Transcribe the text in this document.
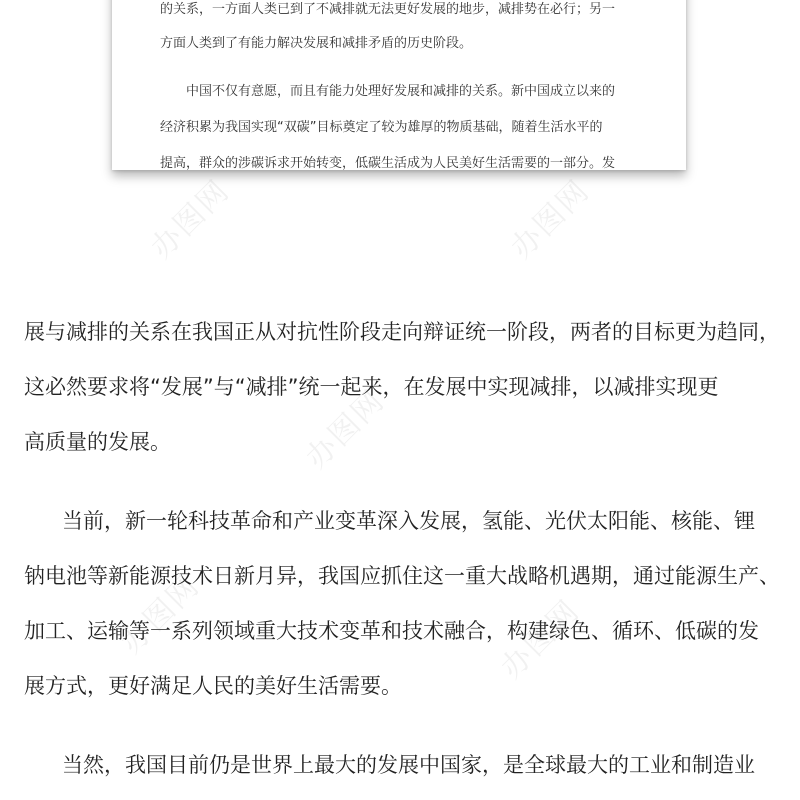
办图网	办图网
办图网
办图网	办图网

的关系，一方面人类已到了不减排就无法更好发展的地步，减排势在必行；另一
方面人类到了有能力解决发展和减排矛盾的历史阶段。

中国不仅有意愿，而且有能力处理好发展和减排的关系。新中国成立以来的
经济积累为我国实现“双碳”目标奠定了较为雄厚的物质基础，随着生活水平的
提高，群众的涉碳诉求开始转变，低碳生活成为人民美好生活需要的一部分。发

展与减排的关系在我国正从对抗性阶段走向辩证统一阶段，两者的目标更为趋同，
这必然要求将“发展”与“减排”统一起来，在发展中实现减排，以减排实现更
高质量的发展。
当前，新一轮科技革命和产业变革深入发展，氢能、光伏太阳能、核能、锂
钠电池等新能源技术日新月异，我国应抓住这一重大战略机遇期，通过能源生产、
加工、运输等一系列领域重大技术变革和技术融合，构建绿色、循环、低碳的发
展方式，更好满足人民的美好生活需要。
当然，我国目前仍是世界上最大的发展中国家，是全球最大的工业和制造业
